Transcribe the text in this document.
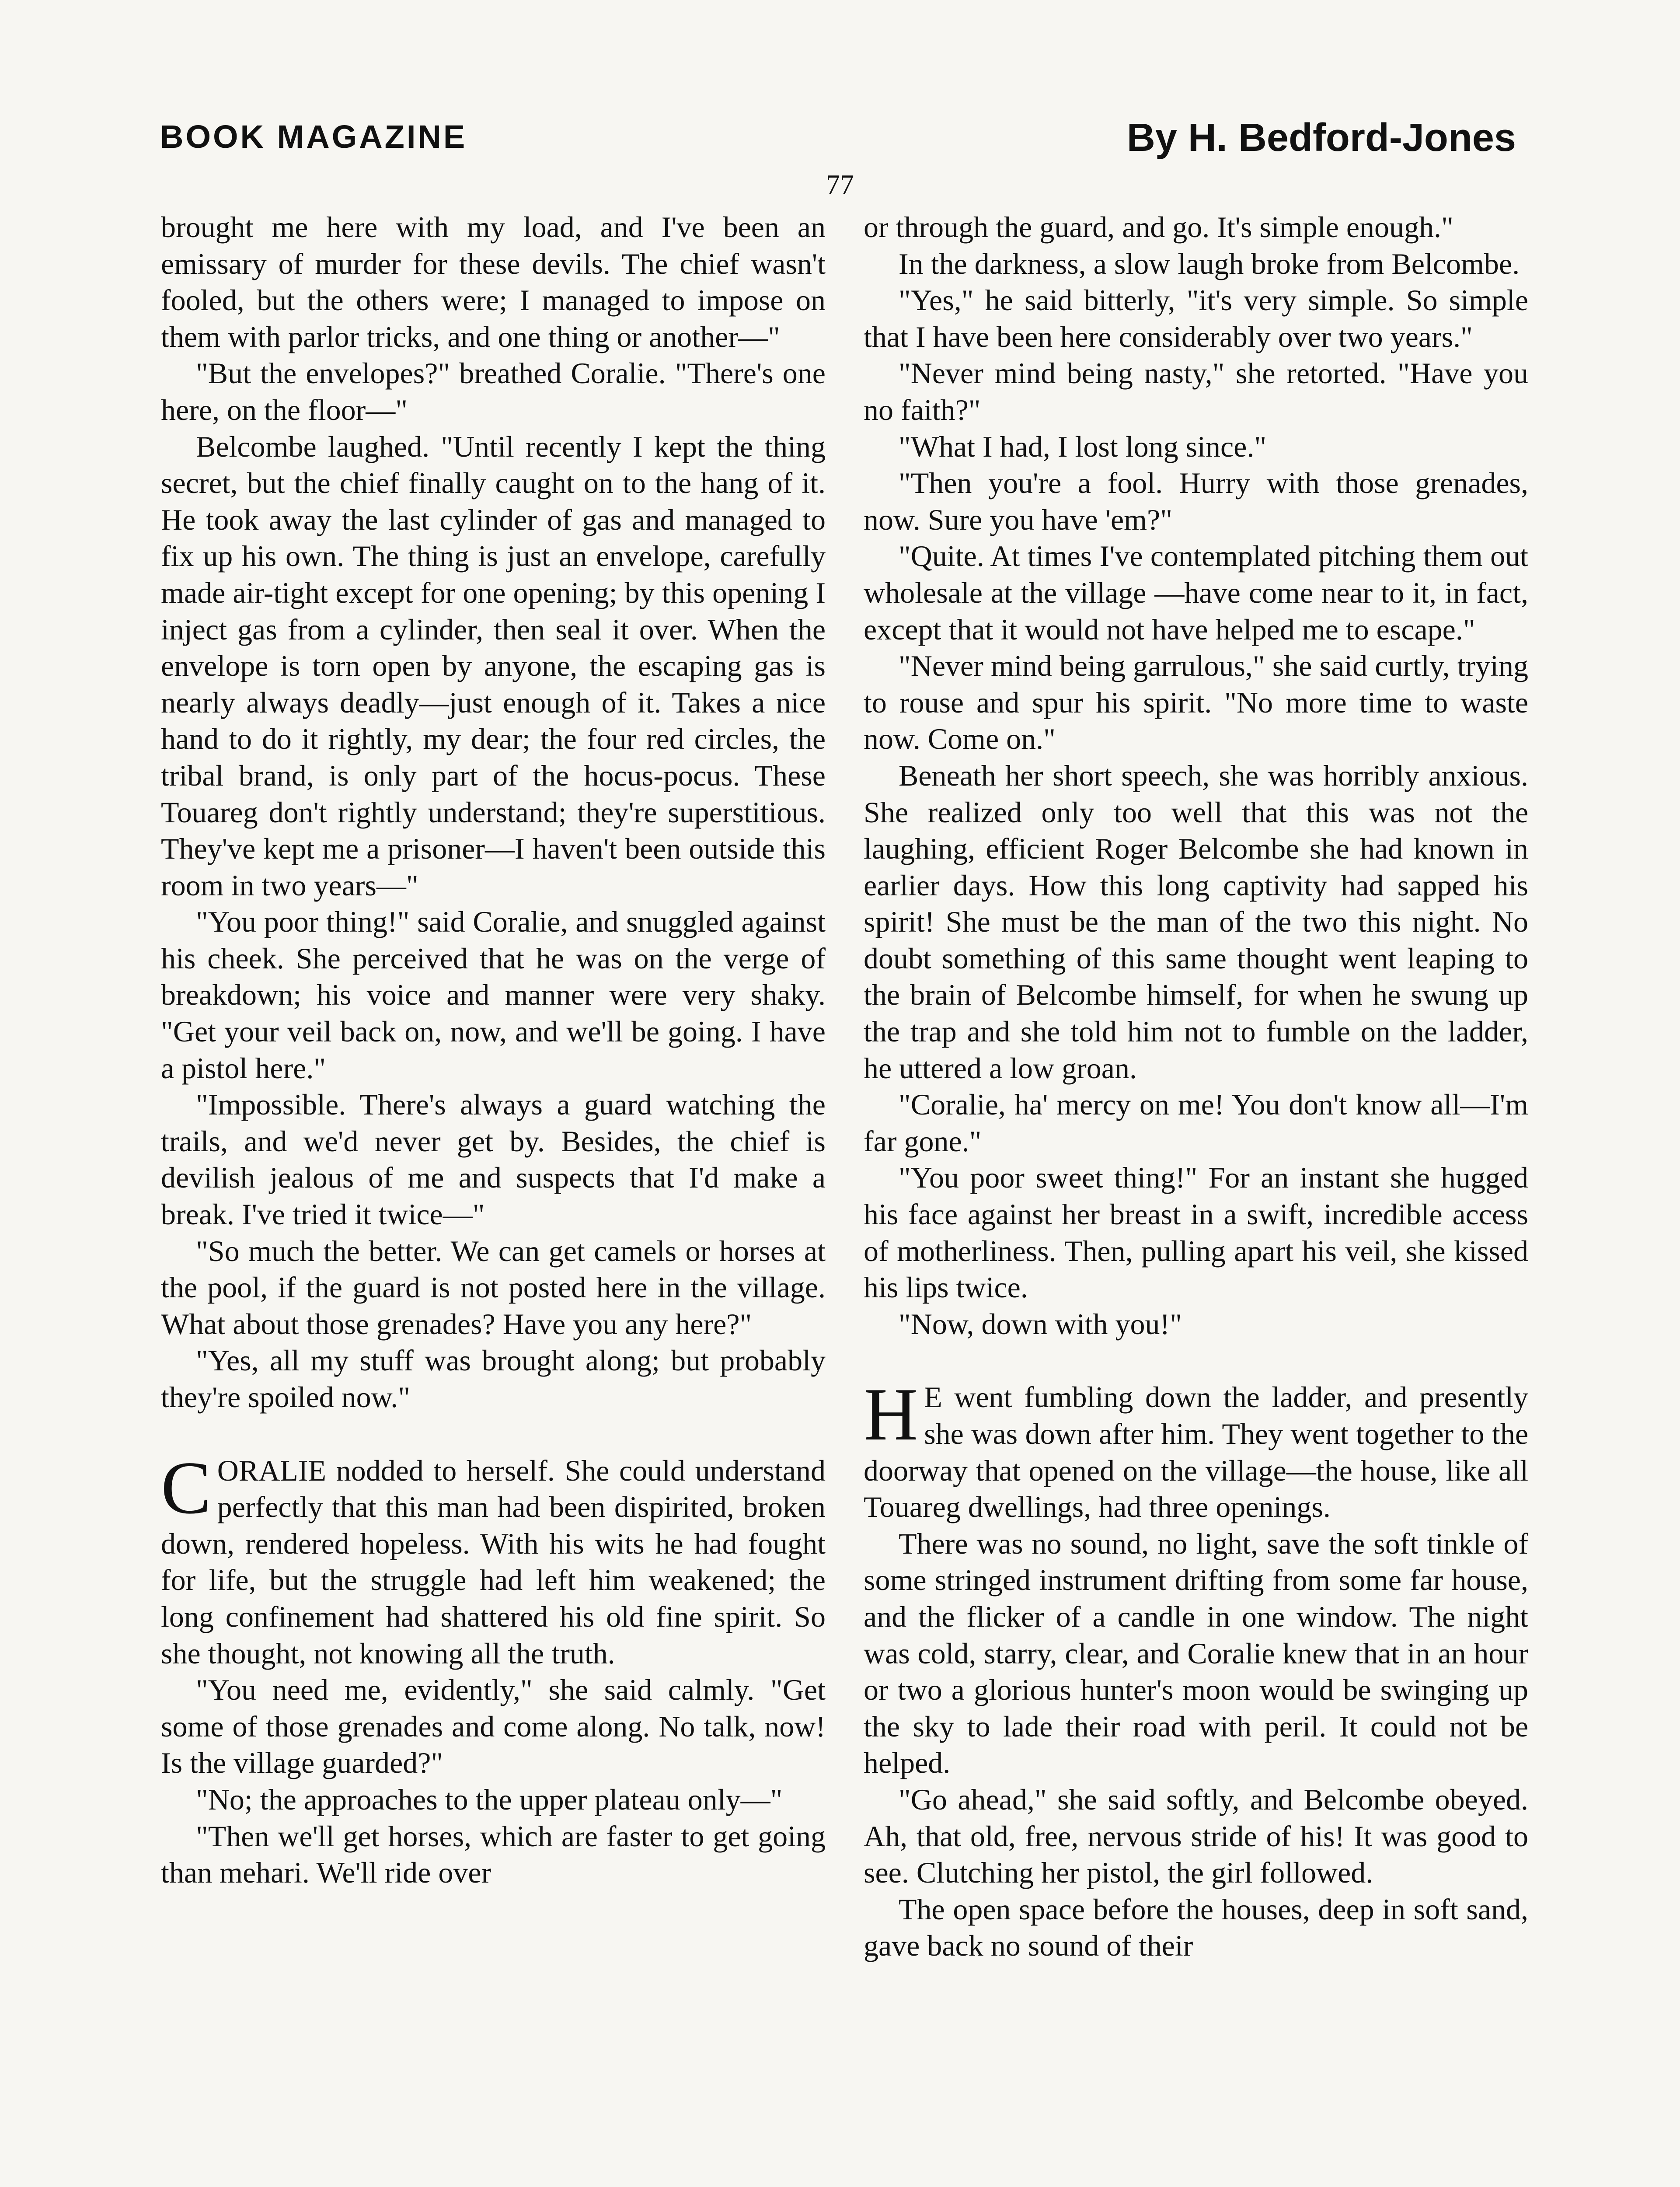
BOOK MAGAZINE	By H. Bedford-Jones
77

brought me here with my load, and I've been an emissary of murder for these devils. The chief wasn't fooled, but the others were; I managed to impose on them with parlor tricks, and one thing or another—"

"But the envelopes?" breathed Coralie. "There's one here, on the floor—"

Belcombe laughed. "Until recently I kept the thing secret, but the chief finally caught on to the hang of it. He took away the last cylinder of gas and managed to fix up his own. The thing is just an envelope, carefully made air-tight except for one opening; by this opening I inject gas from a cylinder, then seal it over. When the envelope is torn open by anyone, the escaping gas is nearly always deadly—just enough of it. Takes a nice hand to do it rightly, my dear; the four red circles, the tribal brand, is only part of the hocus-pocus. These Touareg don't rightly understand; they're superstitious. They've kept me a prisoner—I haven't been outside this room in two years—"

"You poor thing!" said Coralie, and snuggled against his cheek. She perceived that he was on the verge of breakdown; his voice and manner were very shaky. "Get your veil back on, now, and we'll be going. I have a pistol here."

"Impossible. There's always a guard watching the trails, and we'd never get by. Besides, the chief is devilish jealous of me and suspects that I'd make a break. I've tried it twice—"

"So much the better. We can get camels or horses at the pool, if the guard is not posted here in the village. What about those grenades? Have you any here?"

"Yes, all my stuff was brought along; but probably they're spoiled now."

CORALIE nodded to herself. She could understand perfectly that this man had been dispirited, broken down, rendered hopeless. With his wits he had fought for life, but the struggle had left him weakened; the long confinement had shattered his old fine spirit. So she thought, not knowing all the truth.

"You need me, evidently," she said calmly. "Get some of those grenades and come along. No talk, now! Is the village guarded?"

"No; the approaches to the upper plateau only—"

"Then we'll get horses, which are faster to get going than mehari. We'll ride over

or through the guard, and go. It's simple enough."

In the darkness, a slow laugh broke from Belcombe.

"Yes," he said bitterly, "it's very simple. So simple that I have been here considerably over two years."

"Never mind being nasty," she retorted. "Have you no faith?"

"What I had, I lost long since."

"Then you're a fool. Hurry with those grenades, now. Sure you have 'em?"

"Quite. At times I've contemplated pitching them out wholesale at the village —have come near to it, in fact, except that it would not have helped me to escape."

"Never mind being garrulous," she said curtly, trying to rouse and spur his spirit. "No more time to waste now. Come on."

Beneath her short speech, she was horribly anxious. She realized only too well that this was not the laughing, efficient Roger Belcombe she had known in earlier days. How this long captivity had sapped his spirit! She must be the man of the two this night. No doubt something of this same thought went leaping to the brain of Belcombe himself, for when he swung up the trap and she told him not to fumble on the ladder, he uttered a low groan.

"Coralie, ha' mercy on me! You don't know all—I'm far gone."

"You poor sweet thing!" For an instant she hugged his face against her breast in a swift, incredible access of motherliness. Then, pulling apart his veil, she kissed his lips twice.

"Now, down with you!"

H E went fumbling down the ladder, and presently she was down after him. They went together to the doorway that opened on the village—the house, like all Touareg dwellings, had three openings.

There was no sound, no light, save the soft tinkle of some stringed instrument drifting from some far house, and the flicker of a candle in one window. The night was cold, starry, clear, and Coralie knew that in an hour or two a glorious hunter's moon would be swinging up the sky to lade their road with peril. It could not be helped.

"Go ahead," she said softly, and Belcombe obeyed. Ah, that old, free, nervous stride of his! It was good to see. Clutching her pistol, the girl followed.

The open space before the houses, deep in soft sand, gave back no sound of their
